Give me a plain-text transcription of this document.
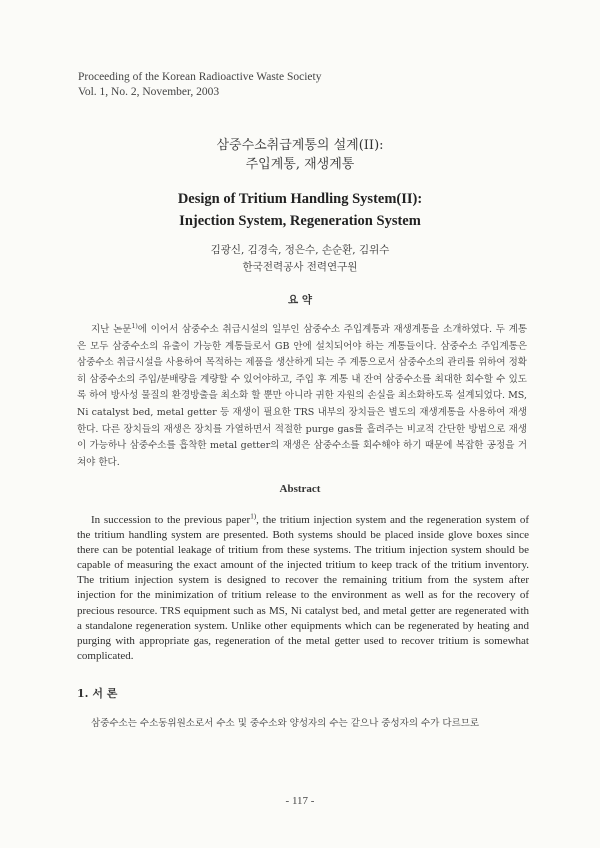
Proceeding of the Korean Radioactive Waste Society
Vol. 1, No. 2, November, 2003
삼중수소취급계통의 설계(II):
주입계통, 재생계통
Design of Tritium Handling System(II):
Injection System, Regeneration System
김광신, 김경숙, 정은수, 손순환, 김위수
한국전력공사 전력연구원
요 약

지난 논문$^{1)}$에 이어서 삼중수소 취급시설의 일부인 삼중수소 주입계통과 재생계통을 소개하였다. 두 계통은 모두 삼중수소의 유출이 가능한 계통들로서 GB 안에 설치되어야 하는 계통들이다. 삼중수소 주입계통은 삼중수소 취급시설을 사용하여 목적하는 제품을 생산하게 되는 주 계통으로서 삼중수소의 관리를 위하여 정확히 삼중수소의 주입/분배량을 계량할 수 있어야하고, 주입 후 계통 내 잔여 삼중수소를 최대한 회수할 수 있도록 하여 방사성 물질의 환경방출을 최소화 할 뿐만 아니라 귀한 자원의 손실을 최소화하도록 설계되었다. MS, Ni catalyst bed, metal getter 등 재생이 필요한 TRS 내부의 장치들은 별도의 재생계통을 사용하여 재생한다. 다른 장치들의 재생은 장치를 가열하면서 적절한 purge gas를 흘려주는 비교적 간단한 방법으로 재생이 가능하나 삼중수소를 흡착한 metal getter의 재생은 삼중수소를 회수해야 하기 때문에 복잡한 공정을 거쳐야 한다.

Abstract

In succession to the previous paper$^{1)}$, the tritium injection system and the regeneration system of the tritium handling system are presented. Both systems should be placed inside glove boxes since there can be potential leakage of tritium from these systems. The tritium injection system should be capable of measuring the exact amount of the injected tritium to keep track of the tritium inventory. The tritium injection system is designed to recover the remaining tritium from the system after injection for the minimization of tritium release to the environment as well as for the recovery of precious resource. TRS equipment such as MS, Ni catalyst bed, and metal getter are regenerated with a standalone regeneration system. Unlike other equipments which can be regenerated by heating and purging with appropriate gas, regeneration of the metal getter used to recover tritium is somewhat complicated.

1. 서 론

삼중수소는 수소동위원소로서 수소 및 중수소와 양성자의 수는 같으나 중성자의 수가 다르므로

- 117 -
